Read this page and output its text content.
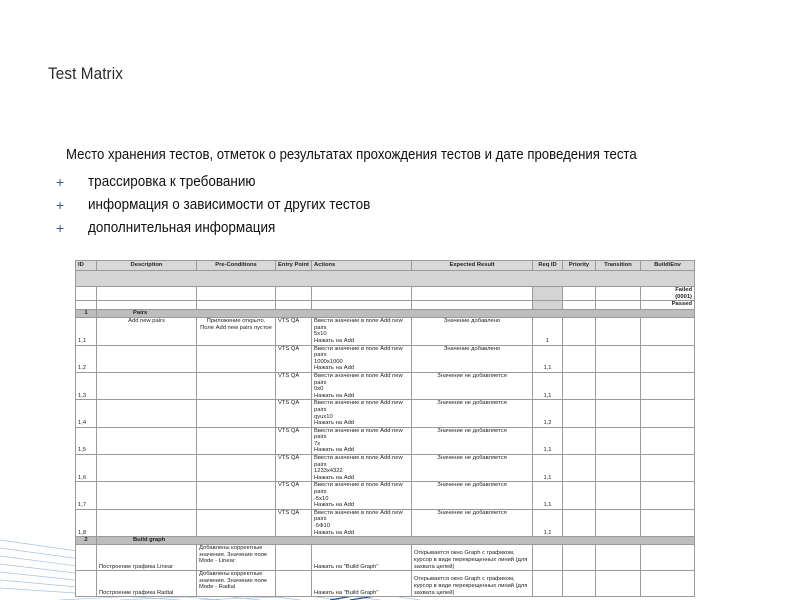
Test Matrix
Место хранения тестов, отметок о результатах прохождения тестов и дате проведения теста
+	трассировка к требованию
+	информация о зависимости от других тестов
+	дополнительная информация
ID	Description	Pre-Conditions	Entry Point	Actions	Expected Result	Req ID	Priority	Transition	Build\Env

									Failed
(0001)
									Passed
1	Pairs								
1,1	Add new pairs	Приложение открыто. Поле Add new pairs пустое	VTS QA	Ввести значение в поле Add new pairs
5x10
Нажать на Add	Значение добавлено	1			
1,2			VTS QA	Ввести значение в поле Add new pairs
1000x1000
Нажать на Add	Значение добавлено	1,1			
1,3			VTS QA	Ввести значение в поле Add new pairs
0x0
Нажать на Add	Значение не добавляется	1,1			
1,4			VTS QA	Ввести значение в поле Add new pairs
qyux10
Нажать на Add	Значение не добавляется	1,2			
1,5			VTS QA	Ввести значение в поле Add new pairs
7x
Нажать на Add	Значение не добавляется	1,1			
1,6			VTS QA	Ввести значение в поле Add new pairs
1233x4322
Нажать на Add	Значение не добавляется	1,1			
1,7			VTS QA	Ввести значение в поле Add new pairs
-5x10
Нажать на Add	Значение не добавляется	1,1			
1,8			VTS QA	Ввести значение в поле Add new pairs
-5Ф10
Нажать на Add	Значение не добавляется	1,1			
2	Build graph								
	Построение графика Linear	Добавлены корректные значения. Значение поле Mode - Linear		Нажать на "Build Graph"	Открывается окно Graph с графиком, курсор в виде перекрещенных линий (для захвата целей)				
	Построение графика Radial	Добавлены корректные значения. Значение поле Mode - Radial		Нажать на "Build Graph"	Открывается окно Graph с графиком, курсор в виде перекрещенных линий (для захвата целей)				
